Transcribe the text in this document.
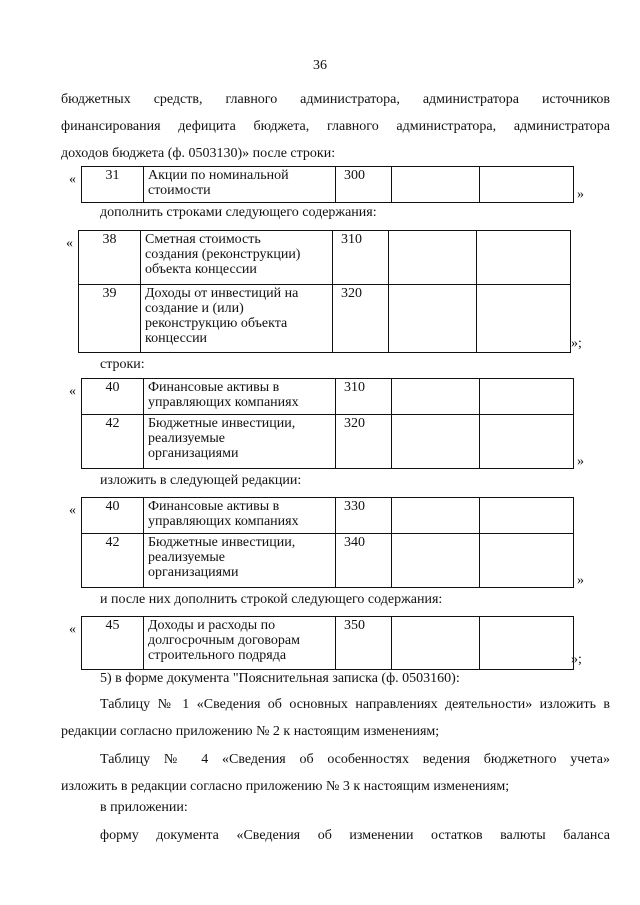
36
бюджетных средств, главного администратора, администратора источников
финансирования дефицита бюджета, главного администратора, администратора
доходов бюджета (ф. 0503130)» после строки:
« 31	Акции по номинальной
стоимости
	300		
»
дополнить строками следующего содержания:
« 38	Сметная стоимость
создания (реконструкции)
объекта концессии	310		
39	Доходы от инвестиций на
создание и (или)
реконструкцию объекта
концессии	320		
»;
строки:
« 40	Финансовые активы в
управляющих компаниях	310		
42	Бюджетные инвестиции,
реализуемые
организациями	320		
»
изложить в следующей редакции:
« 40	Финансовые активы в
управляющих компаниях	330		
42	Бюджетные инвестиции,
реализуемые
организациями	340		
»
и после них дополнить строкой следующего содержания:
« 45	Доходы и расходы по
долгосрочным договорам
строительного подряда
	350		
»;
5) в форме документа "Пояснительная записка (ф. 0503160):
Таблицу № 1 «Сведения об основных направлениях деятельности» изложить в
редакции согласно приложению № 2 к настоящим изменениям;
Таблицу № 4 «Сведения об особенностях ведения бюджетного учета»
изложить в редакции согласно приложению № 3 к настоящим изменениям;
в приложении:
форму документа «Сведения об изменении остатков валюты баланса
